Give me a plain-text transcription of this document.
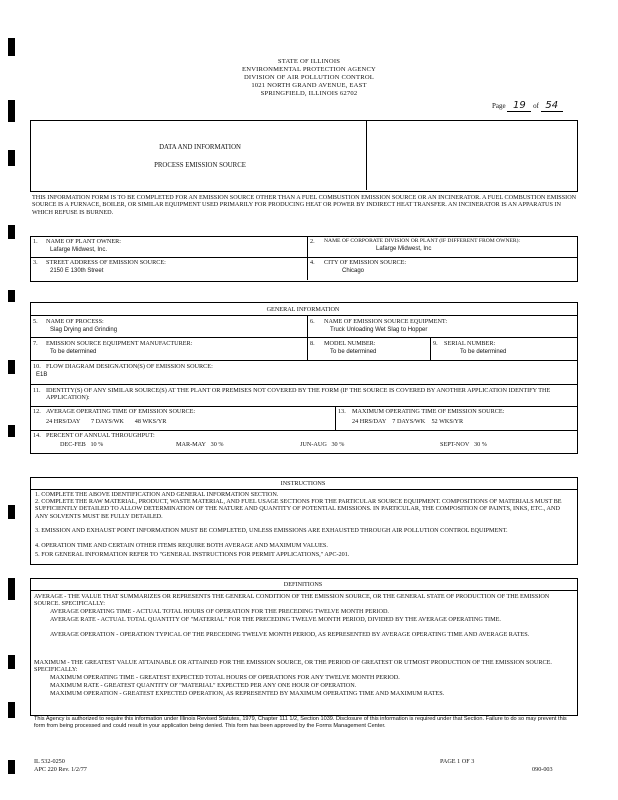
STATE OF ILLINOIS
ENVIRONMENTAL PROTECTION AGENCY
DIVISION OF AIR POLLUTION CONTROL
1021 NORTH GRAND AVENUE, EAST
SPRINGFIELD, ILLINOIS 62702
Page 19 of 54
DATA AND INFORMATION
PROCESS EMISSION SOURCE
THIS INFORMATION FORM IS TO BE COMPLETED FOR AN EMISSION SOURCE OTHER THAN A FUEL COMBUSTION EMISSION SOURCE OR AN INCINERATOR. A FUEL COMBUSTION EMISSION SOURCE IS A FURNACE, BOILER, OR SIMILAR EQUIPMENT USED PRIMARILY FOR PRODUCING HEAT OR POWER BY INDIRECT HEAT TRANSFER. AN INCINERATOR IS AN APPARATUS IN WHICH REFUSE IS BURNED.
1. NAME OF PLANT OWNER:
Lafarge Midwest, Inc.
2. NAME OF CORPORATE DIVISION OR PLANT (IF DIFFERENT FROM OWNER):
Lafarge Midwest, Inc
3. STREET ADDRESS OF EMISSION SOURCE:
2150 E 130th Street
4. CITY OF EMISSION SOURCE:
Chicago
GENERAL INFORMATION
5. NAME OF PROCESS:
Slag Drying and Grinding
6. NAME OF EMISSION SOURCE EQUIPMENT:
Truck Unloading Wet Slag to Hopper
7. EMISSION SOURCE EQUIPMENT MANUFACTURER:
To be determined
8. MODEL NUMBER:
To be determined
9. SERIAL NUMBER:
To be determined
10. FLOW DIAGRAM DESIGNATION(S) OF EMISSION SOURCE:
E1B
11. IDENTITY(S) OF ANY SIMILAR SOURCE(S) AT THE PLANT OR PREMISES NOT COVERED BY THE FORM (IF THE SOURCE IS COVERED BY ANOTHER APPLICATION IDENTIFY THE APPLICATION):
12. AVERAGE OPERATING TIME OF EMISSION SOURCE:
24 HRS/DAY 7 DAYS/WK 48 WKS/YR
13. MAXIMUM OPERATING TIME OF EMISSION SOURCE:
24 HRS/DAY 7 DAYS/WK 52 WKS/YR
14. PERCENT OF ANNUAL THROUGHPUT:
DEC-FEB 10 %	MAR-MAY 30 %	JUN-AUG 30 %	SEPT-NOV 30 %
INSTRUCTIONS
1. COMPLETE THE ABOVE IDENTIFICATION AND GENERAL INFORMATION SECTION.
2. COMPLETE THE RAW MATERIAL, PRODUCT, WASTE MATERIAL, AND FUEL USAGE SECTIONS FOR THE PARTICULAR SOURCE EQUIPMENT. COMPOSITIONS OF MATERIALS MUST BE SUFFICIENTLY DETAILED TO ALLOW DETERMINATION OF THE NATURE AND QUANTITY OF POTENTIAL EMISSIONS. IN PARTICULAR, THE COMPOSITION OF PAINTS, INKS, ETC., AND ANY SOLVENTS MUST BE FULLY DETAILED.
3. EMISSION AND EXHAUST POINT INFORMATION MUST BE COMPLETED, UNLESS EMISSIONS ARE EXHAUSTED THROUGH AIR POLLUTION CONTROL EQUIPMENT.
4. OPERATION TIME AND CERTAIN OTHER ITEMS REQUIRE BOTH AVERAGE AND MAXIMUM VALUES.
5. FOR GENERAL INFORMATION REFER TO "GENERAL INSTRUCTIONS FOR PERMIT APPLICATIONS," APC-201.
DEFINITIONS
AVERAGE - THE VALUE THAT SUMMARIZES OR REPRESENTS THE GENERAL CONDITION OF THE EMISSION SOURCE, OR THE GENERAL STATE OF PRODUCTION OF THE EMISSION SOURCE. SPECIFICALLY:
AVERAGE OPERATING TIME - ACTUAL TOTAL HOURS OF OPERATION FOR THE PRECEDING TWELVE MONTH PERIOD.
AVERAGE RATE - ACTUAL TOTAL QUANTITY OF "MATERIAL" FOR THE PRECEDING TWELVE MONTH PERIOD, DIVIDED BY THE AVERAGE OPERATING TIME.
AVERAGE OPERATION - OPERATION TYPICAL OF THE PRECEDING TWELVE MONTH PERIOD, AS REPRESENTED BY AVERAGE OPERATING TIME AND AVERAGE RATES.
MAXIMUM - THE GREATEST VALUE ATTAINABLE OR ATTAINED FOR THE EMISSION SOURCE, OR THE PERIOD OF GREATEST OR UTMOST PRODUCTION OF THE EMISSION SOURCE. SPECIFICALLY:
MAXIMUM OPERATING TIME - GREATEST EXPECTED TOTAL HOURS OF OPERATIONS FOR ANY TWELVE MONTH PERIOD.
MAXIMUM RATE - GREATEST QUANTITY OF "MATERIAL" EXPECTED PER ANY ONE HOUR OF OPERATION.
MAXIMUM OPERATION - GREATEST EXPECTED OPERATION, AS REPRESENTED BY MAXIMUM OPERATING TIME AND MAXIMUM RATES.
This Agency is authorized to require this information under Illinois Revised Statutes, 1979, Chapter 111 1/2, Section 1039. Disclosure of this information is required under that Section. Failure to do so may prevent this form from being processed and could result in your application being denied. This form has been approved by the Forms Management Center.
IL 532-0250
APC 220 Rev. 1/2/77
PAGE 1 OF 3
090-003
